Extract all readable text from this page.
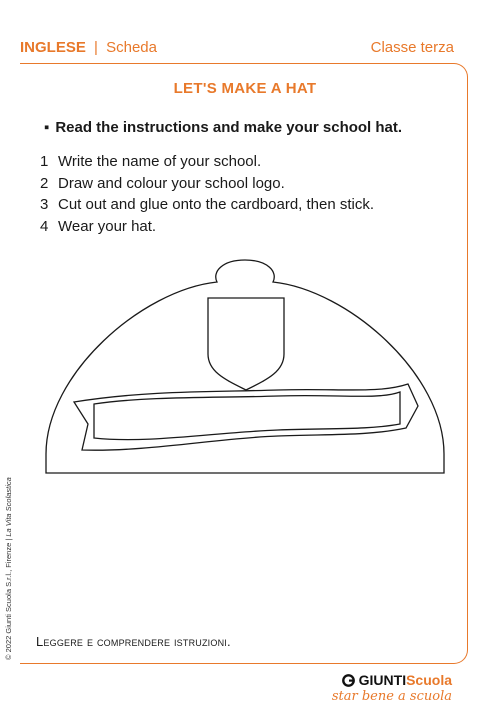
INGLESE | Scheda	Classe terza
LET'S MAKE A HAT
▪ Read the instructions and make your school hat.
1 Write the name of your school.
2 Draw and colour your school logo.
3 Cut out and glue onto the cardboard, then stick.
4 Wear your hat.
© 2022 Giunti Scuola S.r.l., Firenze | La Vita Scolastica
Leggere e comprendere istruzioni.
GIUNTI Scuola
star bene a scuola
